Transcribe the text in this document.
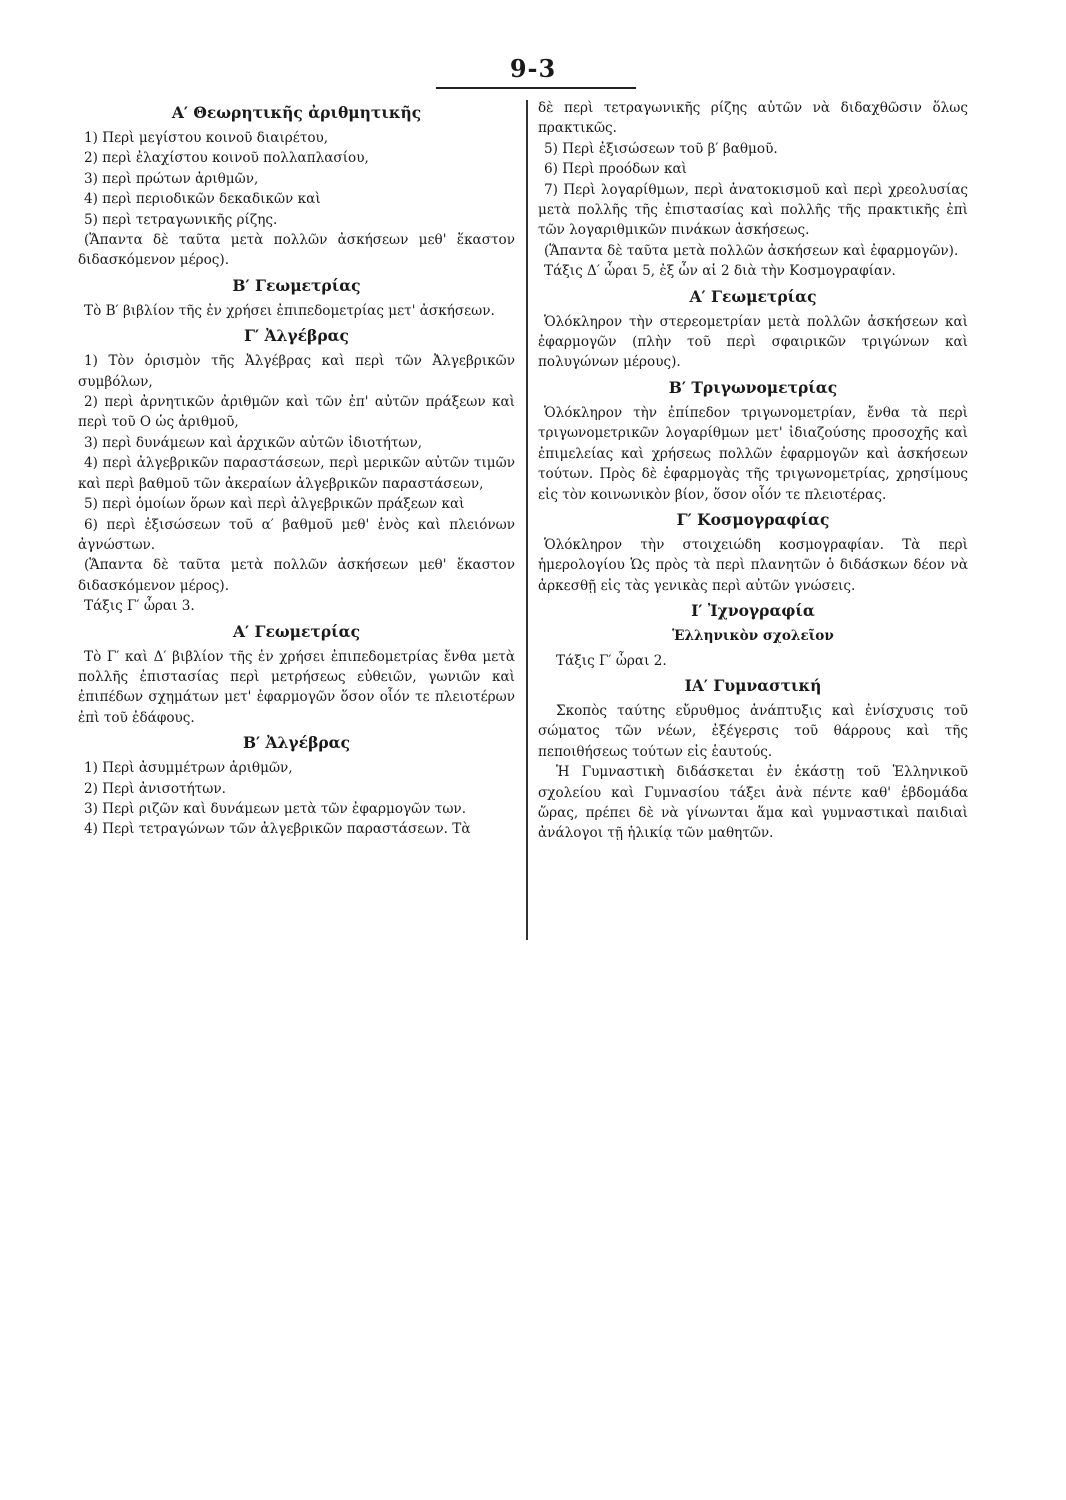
9-3
Α′ Θεωρητικῆς ἀριθμητικῆς

1) Περὶ μεγίστου κοινοῦ διαιρέτου,

2) περὶ ἐλαχίστου κοινοῦ πολλαπλασίου,

3) περὶ πρώτων ἀριθμῶν,

4) περὶ περιοδικῶν δεκαδικῶν καὶ

5) περὶ τετραγωνικῆς ρίζης.

(Ἅπαντα δὲ ταῦτα μετὰ πολλῶν ἀσκήσεων μεθ' ἕκαστον διδασκόμενον μέρος).

Β′ Γεωμετρίας

Τὸ Β′ βιβλίον τῆς ἐν χρήσει ἐπιπεδομετρίας μετ' ἀσκήσεων.

Γ′ Ἀλγέβρας

1) Τὸν ὁρισμὸν τῆς Ἀλγέβρας καὶ περὶ τῶν Ἀλγεβρικῶν συμβόλων,

2) περὶ ἀρνητικῶν ἀριθμῶν καὶ τῶν ἐπ' αὐτῶν πράξεων καὶ περὶ τοῦ Ο ὡς ἀριθμοῦ,

3) περὶ δυνάμεων καὶ ἀρχικῶν αὐτῶν ἰδιοτήτων,

4) περὶ ἀλγεβρικῶν παραστάσεων, περὶ μερικῶν αὐτῶν τιμῶν καὶ περὶ βαθμοῦ τῶν ἀκεραίων ἀλγεβρικῶν παραστάσεων,

5) περὶ ὁμοίων ὅρων καὶ περὶ ἀλγεβρικῶν πράξεων καὶ

6) περὶ ἐξισώσεων τοῦ α′ βαθμοῦ μεθ' ἑνὸς καὶ πλειόνων ἀγνώστων.

(Ἅπαντα δὲ ταῦτα μετὰ πολλῶν ἀσκήσεων μεθ' ἕκαστον διδασκόμενον μέρος).

Τάξις Γ′ ὧραι 3.

Α′ Γεωμετρίας

Τὸ Γ′ καὶ Δ′ βιβλίον τῆς ἐν χρήσει ἐπιπεδομετρίας ἔνθα μετὰ πολλῆς ἐπιστασίας περὶ μετρήσεως εὐθειῶν, γωνιῶν καὶ ἐπιπέδων σχημάτων μετ' ἐφαρμογῶν ὅσον οἷόν τε πλειοτέρων ἐπὶ τοῦ ἐδάφους.

Β′ Ἀλγέβρας

1) Περὶ ἀσυμμέτρων ἀριθμῶν,

2) Περὶ ἀνισοτήτων.

3) Περὶ ριζῶν καὶ δυνάμεων μετὰ τῶν ἐφαρμογῶν των.

4) Περὶ τετραγώνων τῶν ἀλγεβρικῶν παραστάσεων. Τὰ

δὲ περὶ τετραγωνικῆς ρίζης αὐτῶν νὰ διδαχθῶσιν ὅλως πρακτικῶς.

5) Περὶ ἐξισώσεων τοῦ β′ βαθμοῦ.

6) Περὶ προόδων καὶ

7) Περὶ λογαρίθμων, περὶ ἀνατοκισμοῦ καὶ περὶ χρεολυσίας μετὰ πολλῆς τῆς ἐπιστασίας καὶ πολλῆς τῆς πρακτικῆς ἐπὶ τῶν λογαριθμικῶν πινάκων ἀσκήσεως.

(Ἅπαντα δὲ ταῦτα μετὰ πολλῶν ἀσκήσεων καὶ ἐφαρμογῶν).

Τάξις Δ′ ὧραι 5, ἐξ ὧν αἱ 2 διὰ τὴν Κοσμογραφίαν.

Α′ Γεωμετρίας

Ὁλόκληρον τὴν στερεομετρίαν μετὰ πολλῶν ἀσκήσεων καὶ ἐφαρμογῶν (πλὴν τοῦ περὶ σφαιρικῶν τριγώνων καὶ πολυγώνων μέρους).

Β′ Τριγωνομετρίας

Ὁλόκληρον τὴν ἐπίπεδον τριγωνομετρίαν, ἔνθα τὰ περὶ τριγωνομετρικῶν λογαρίθμων μετ' ἰδιαζούσης προσοχῆς καὶ ἐπιμελείας καὶ χρήσεως πολλῶν ἐφαρμογῶν καὶ ἀσκήσεων τούτων. Πρὸς δὲ ἐφαρμογὰς τῆς τριγωνομετρίας, χρησίμους εἰς τὸν κοινωνικὸν βίον, ὅσον οἷόν τε πλειοτέρας.

Γ′ Κοσμογραφίας

Ὁλόκληρον τὴν στοιχειώδη κοσμογραφίαν. Τὰ περὶ ἡμερολογίου Ὡς πρὸς τὰ περὶ πλανητῶν ὁ διδάσκων δέον νὰ ἀρκεσθῇ εἰς τὰς γενικὰς περὶ αὐτῶν γνώσεις.

Ι′ Ἰχνογραφία

Ἑλληνικὸν σχολεῖον

Τάξις Γ′ ὧραι 2.

ΙΑ′ Γυμναστική

Σκοπὸς ταύτης εὔρυθμος ἀνάπτυξις καὶ ἐνίσχυσις τοῦ σώματος τῶν νέων, ἐξέγερσις τοῦ θάρρους καὶ τῆς πεποιθήσεως τούτων εἰς ἑαυτούς.

Ἡ Γυμναστικὴ διδάσκεται ἐν ἑκάστῃ τοῦ Ἑλληνικοῦ σχολείου καὶ Γυμνασίου τάξει ἀνὰ πέντε καθ' ἑβδομάδα ὥρας, πρέπει δὲ νὰ γίνωνται ἅμα καὶ γυμναστικαὶ παιδιαὶ ἀνάλογοι τῇ ἡλικίᾳ τῶν μαθητῶν.
